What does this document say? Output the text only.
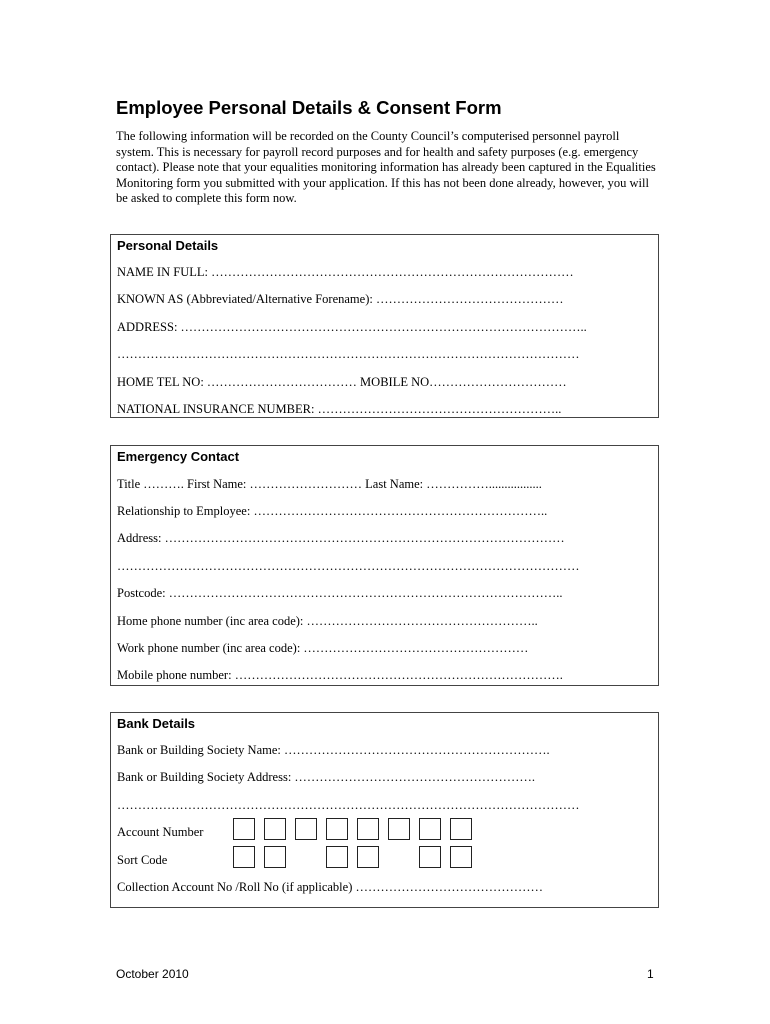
Employee Personal Details & Consent Form

The following information will be recorded on the County Council’s computerised personnel payroll system. This is necessary for payroll record purposes and for health and safety purposes (e.g. emergency contact). Please note that your equalities monitoring information has already been captured in the Equalities Monitoring form you submitted with your application. If this has not been done already, however, you will be asked to complete this form now.

Personal Details
NAME IN FULL: ……………………………………………………………………………
KNOWN AS (Abbreviated/Alternative Forename): ………………………………………
ADDRESS: ……………………………………………………………………………………..
…………………………………………………………………………………………………
HOME TEL NO: ……………………………… MOBILE NO……………………………
NATIONAL INSURANCE NUMBER: …………………………………………………..
Emergency Contact
Title ………. First Name: ……………………… Last Name: …………….................
Relationship to Employee: ……………………………………………………………..
Address: ……………………………………………………………………………………
…………………………………………………………………………………………………
Postcode: …………………………………………………………………………………..
Home phone number (inc area code): ………………………………………………..
Work phone number (inc area code): ………………………………………………
Mobile phone number: …………………………………………………………………….
Bank Details
Bank or Building Society Name: ……………………………………………………….
Bank or Building Society Address: ………………………………………………….
…………………………………………………………………………………………………
Account Number
Sort Code
Collection Account No /Roll No (if applicable) ………………………………………
October 2010	1
